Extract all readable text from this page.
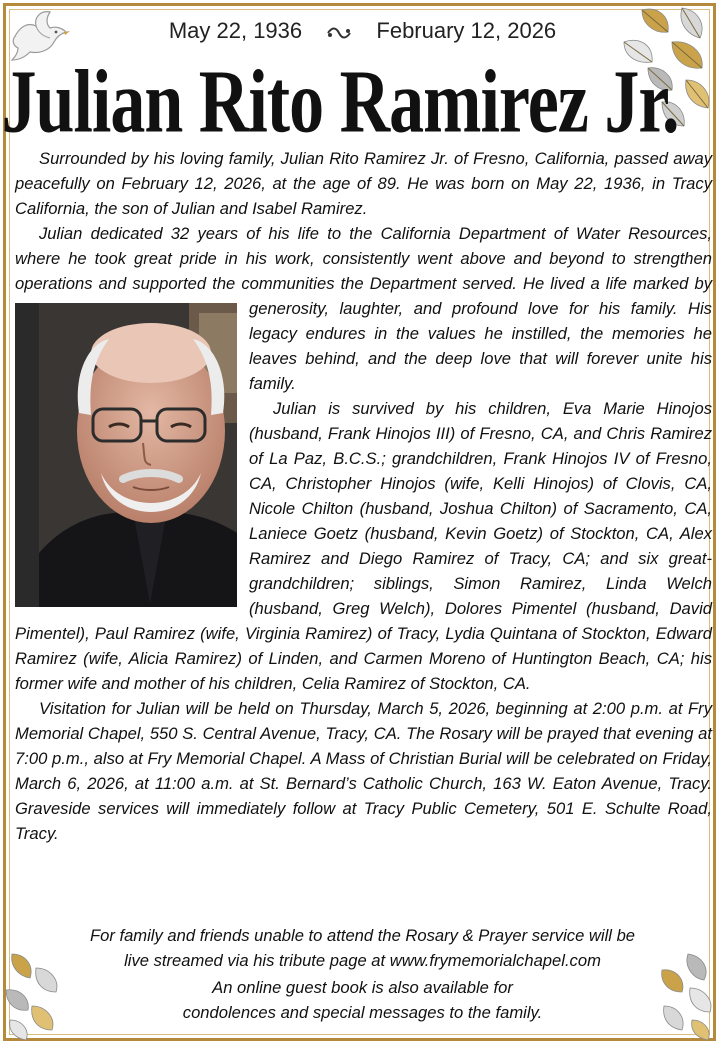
May 22, 1936	February 12, 2026
Julian Rito Ramirez Jr.

Surrounded by his loving family, Julian Rito Ramirez Jr. of Fresno, California, passed away peacefully on February 12, 2026, at the age of 89. He was born on May 22, 1936, in Tracy California, the son of Julian and Isabel Ramirez.

Julian dedicated 32 years of his life to the California Department of Water Resources, where he took great pride in his work, consistently went above and beyond to strengthen operations and supported the communities the Department served. He lived a life marked by generosity, laughter, and
profound love for his family. His legacy endures in the values he instilled, the memories he leaves behind, and the deep love that will forever unite his family.

Julian is survived by his children, Eva Marie Hinojos (husband, Frank Hinojos III) of Fresno, CA, and Chris Ramirez of La Paz, B.C.S.; grandchildren, Frank Hinojos IV of Fresno, CA, Christopher Hinojos (wife, Kelli Hinojos) of Clovis, CA, Nicole Chilton (husband, Joshua Chilton) of Sacramento, CA, Laniece Goetz (husband, Kevin Goetz) of Stockton, CA, Alex Ramirez and Diego Ramirez of Tracy, CA; and six great-grandchildren; siblings, Simon Ramirez, Linda Welch (husband, Greg Welch), Dolores Pimentel (husband, David Pimentel), Paul Ramirez (wife, Virginia Ramirez) of Tracy, Lydia Quintana of Stockton, Edward Ramirez (wife, Alicia Ramirez) of Linden, and Carmen Moreno of Huntington Beach, CA; his former wife and mother of his children, Celia Ramirez of Stockton, CA.

Visitation for Julian will be held on Thursday, March 5, 2026, beginning at 2:00 p.m. at Fry Memorial Chapel, 550 S. Central Avenue, Tracy, CA. The Rosary will be prayed that evening at 7:00 p.m., also at Fry Memorial Chapel. A Mass of Christian Burial will be celebrated on Friday, March 6, 2026, at 11:00 a.m. at St. Bernard’s Catholic Church, 163 W. Eaton Avenue, Tracy. Graveside services will immediately follow at Tracy Public Cemetery, 501 E. Schulte Road, Tracy.

For family and friends unable to attend the Rosary & Prayer service will be
live streamed via his tribute page at www.frymemorialchapel.com
An online guest book is also available for
condolences and special messages to the family.
